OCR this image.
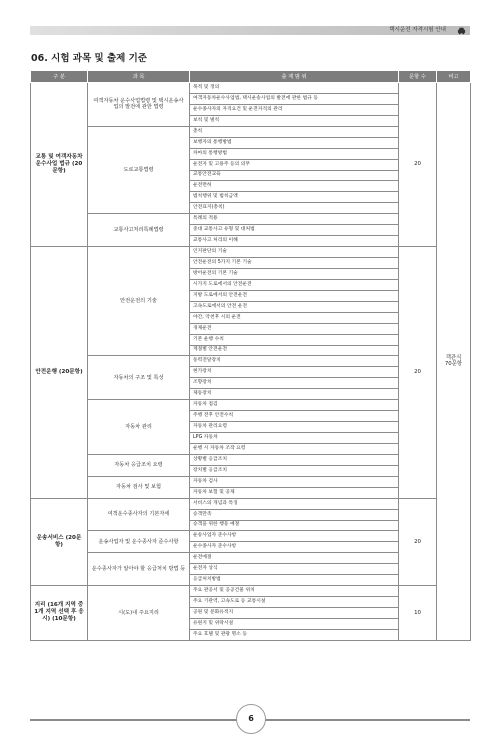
택시운전 자격시험 안내
06. 시험 과목 및 출제 기준
구 분	과 목	출 제 범 위	문항 수	비고
교통 및 여객자동차 운수사업 법규 (20문항)	여객자동차 운수사업법령 및 택시운송사업의 발전에 관한 법령	목적 및 정의	20	객관식 70문항
		여객자동차운수사업법, 택시운송사업의 발전에 관한 법규 등		
		운수종사자의 자격요건 및 운전자격의 관리		
		보칙 및 벌칙		
	도로교통법령	총칙		
		보행자의 통행방법		
		차마의 통행방법		
		운전자 및 고용주 등의 의무		
		교통안전교육		
		운전면허		
		범칙행위 및 범칙금액		
		안전표지(총칙)		
	교통사고처리특례법령	특례의 적용		
		중대 교통사고 유형 및 대처법		
		교통사고 처리의 이해		
안전운행 (20문항)	안전운전의 기술	인지판단의 기술	20	
		안전운전의 5가지 기본 기술		
		방어운전의 기본 기술		
		시가지 도로에서의 안전운전		
		지방 도로에서의 안전운전		
		고속도로에서의 안전 운전		
		야간, 악천후 시의 운전		
		경제운전		
		기본 운행 수칙		
		계절별 안전운전		
	자동차의 구조 및 특성	동력전달장치		
		현가장치		
		조향장치		
		제동장치		
	자동차 관리	자동차 점검		
		주행 전후 안전수칙		
		자동차 관리요령		
		LPG 자동차		
		운행 시 자동차 조작 요령		
	자동차 응급조치 요령	상황별 응급조치		
		장치별 응급조치		
	자동차 검사 및 보험	자동차 검사		
		자동차 보험 및 공제		
운송서비스 (20문항)	여객운수종사자의 기본자세	서비스의 개념과 특징	20	
		승객만족		
		승객을 위한 행동 예절		
	운송사업자 및 운수종사자 준수사항	운송사업자 준수사항		
		운수종사자 준수사항		
	운수종사자가 알아야 할 응급처치 방법 등	운전예절		
		운전자 상식		
		응급처치방법		
지리 (16개 지역 중 1개 지역 선택 후 응시) (10문항)	시(도)내 주요지리	주요 관공서 및 공공건물 위치	10	
		주요 기관역, 고속도로 등 교통시설		
		공원 및 문화유적지		
		유원지 및 위락시설		
		주요 호텔 및 관광 명소 등		
6
